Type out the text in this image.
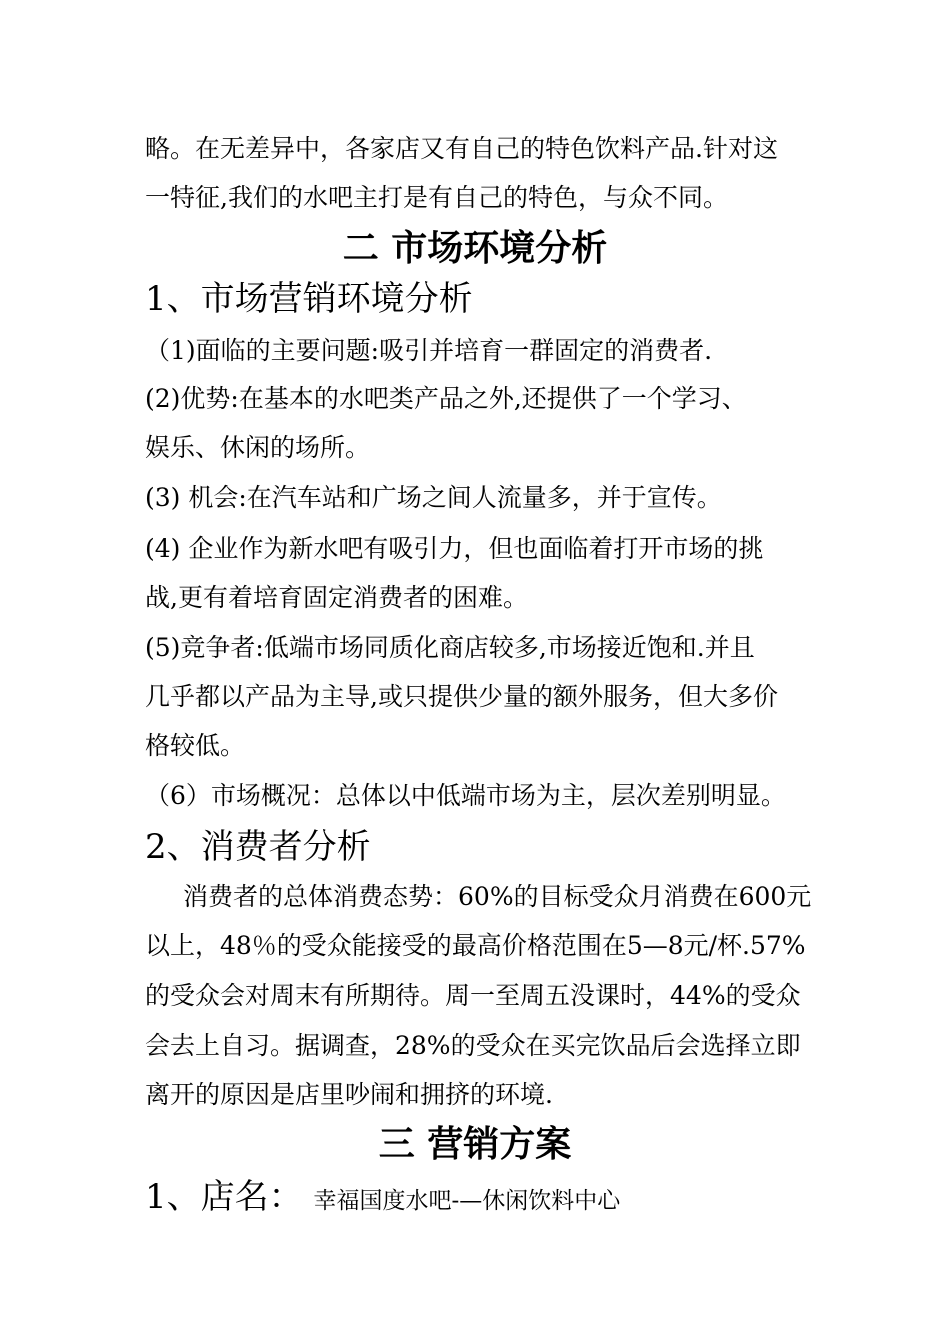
略。在无差异中，各家店又有自己的特色饮料产品.针对这
一特征,我们的水吧主打是有自己的特色，与众不同。
二 市场环境分析
1、市场营销环境分析
（1)面临的主要问题:吸引并培育一群固定的消费者.
(2)优势:在基本的水吧类产品之外,还提供了一个学习、
娱乐、休闲的场所。
(3) 机会:在汽车站和广场之间人流量多，并于宣传。
(4) 企业作为新水吧有吸引力，但也面临着打开市场的挑
战,更有着培育固定消费者的困难。
(5)竞争者:低端市场同质化商店较多,市场接近饱和.并且
几乎都以产品为主导,或只提供少量的额外服务，但大多价
格较低。
（6）市场概况：总体以中低端市场为主，层次差别明显。
2、消费者分析
消费者的总体消费态势：60%的目标受众月消费在600元
以上，48％的受众能接受的最高价格范围在5—8元/杯.57%
的受众会对周末有所期待。周一至周五没课时，44%的受众
会去上自习。据调查，28%的受众在买完饮品后会选择立即
离开的原因是店里吵闹和拥挤的环境.
三 营销方案
1、店名： 幸福国度水吧-—休闲饮料中心
